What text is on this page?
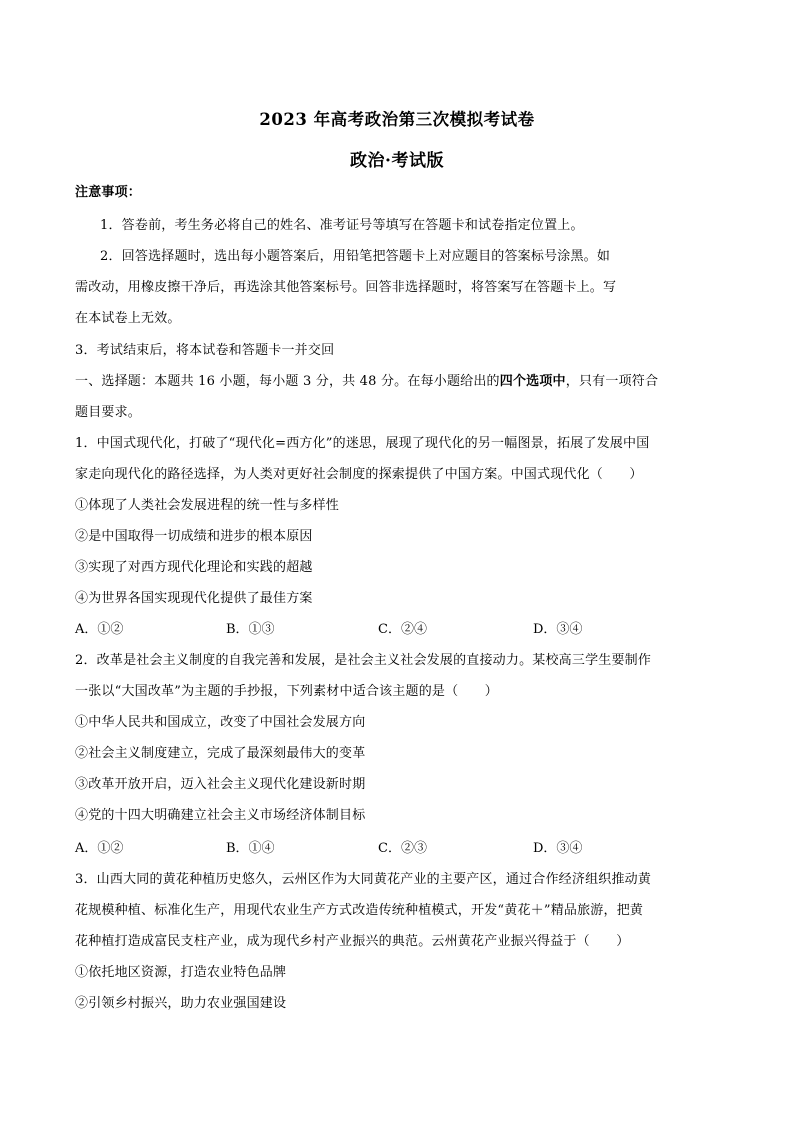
2023 年高考政治第三次模拟考试卷
政治·考试版
注意事项：
1．答卷前，考生务必将自己的姓名、准考证号等填写在答题卡和试卷指定位置上。
2．回答选择题时，选出每小题答案后，用铅笔把答题卡上对应题目的答案标号涂黑。如
需改动，用橡皮擦干净后，再选涂其他答案标号。回答非选择题时，将答案写在答题卡上。写
在本试卷上无效。
3．考试结束后，将本试卷和答题卡一并交回
一、选择题：本题共 16 小题，每小题 3 分，共 48 分。在每小题给出的四个选项中，只有一项符合
题目要求。
1．中国式现代化，打破了“现代化=西方化”的迷思，展现了现代化的另一幅图景，拓展了发展中国
家走向现代化的路径选择，为人类对更好社会制度的探索提供了中国方案。中国式现代化（　　）
①体现了人类社会发展进程的统一性与多样性
②是中国取得一切成绩和进步的根本原因
③实现了对西方现代化理论和实践的超越
④为世界各国实现现代化提供了最佳方案
A．①②	B．①③	C．②④	D．③④
2．改革是社会主义制度的自我完善和发展，是社会主义社会发展的直接动力。某校高三学生要制作
一张以“大国改革”为主题的手抄报，下列素材中适合该主题的是（　　）
①中华人民共和国成立，改变了中国社会发展方向
②社会主义制度建立，完成了最深刻最伟大的变革
③改革开放开启，迈入社会主义现代化建设新时期
④党的十四大明确建立社会主义市场经济体制目标
A．①②	B．①④	C．②③	D．③④
3．山西大同的黄花种植历史悠久，云州区作为大同黄花产业的主要产区，通过合作经济组织推动黄
花规模种植、标准化生产，用现代农业生产方式改造传统种植模式，开发“黄花＋”精品旅游，把黄
花种植打造成富民支柱产业，成为现代乡村产业振兴的典范。云州黄花产业振兴得益于（　　）
①依托地区资源，打造农业特色品牌
②引领乡村振兴，助力农业强国建设
